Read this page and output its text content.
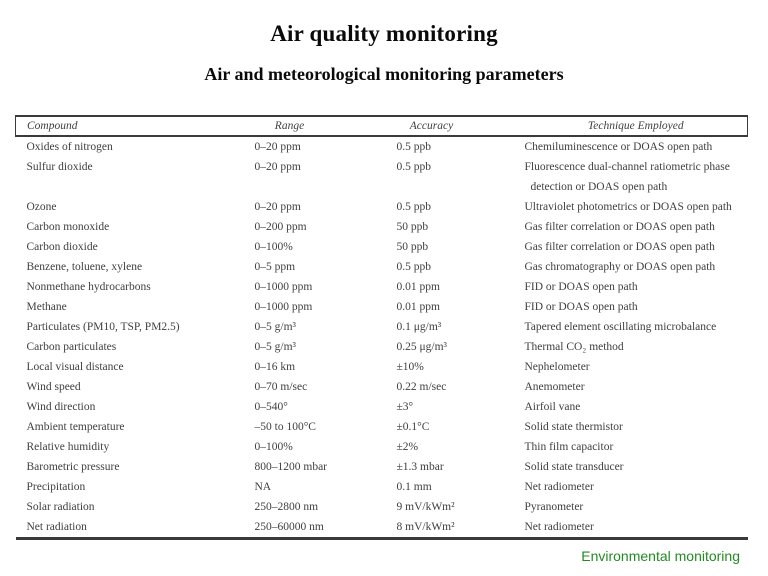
Air quality monitoring
Air and meteorological monitoring parameters
Compound	Range	Accuracy	Technique Employed
Oxides of nitrogen	0–20 ppm	0.5 ppb	Chemiluminescence or DOAS open path
Sulfur dioxide	0–20 ppm	0.5 ppb	Fluorescence dual-channel ratiometric phase detection or DOAS open path
Ozone	0–20 ppm	0.5 ppb	Ultraviolet photometrics or DOAS open path
Carbon monoxide	0–200 ppm	50 ppb	Gas filter correlation or DOAS open path
Carbon dioxide	0–100%	50 ppb	Gas filter correlation or DOAS open path
Benzene, toluene, xylene	0–5 ppm	0.5 ppb	Gas chromatography or DOAS open path
Nonmethane hydrocarbons	0–1000 ppm	0.01 ppm	FID or DOAS open path
Methane	0–1000 ppm	0.01 ppm	FID or DOAS open path
Particulates (PM10, TSP, PM2.5)	0–5 g/m³	0.1 μg/m³	Tapered element oscillating microbalance
Carbon particulates	0–5 g/m³	0.25 μg/m³	Thermal CO₂ method
Local visual distance	0–16 km	±10%	Nephelometer
Wind speed	0–70 m/sec	0.22 m/sec	Anemometer
Wind direction	0–540°	±3°	Airfoil vane
Ambient temperature	–50 to 100°C	±0.1°C	Solid state thermistor
Relative humidity	0–100%	±2%	Thin film capacitor
Barometric pressure	800–1200 mbar	±1.3 mbar	Solid state transducer
Precipitation	NA	0.1 mm	Net radiometer
Solar radiation	250–2800 nm	9 mV/kWm²	Pyranometer
Net radiation	250–60000 nm	8 mV/kWm²	Net radiometer
Environmental monitoring
